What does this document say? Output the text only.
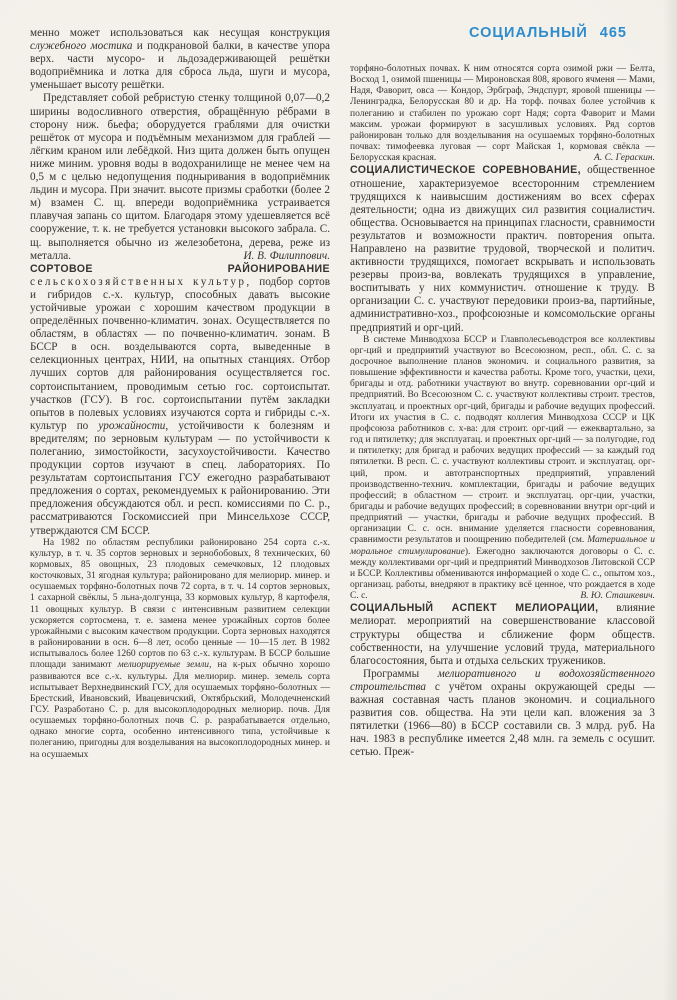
СОЦИАЛЬНЫЙ 465

менно может использоваться как несущая конструкция служебного мостика и подкрановой балки, в качестве упора верх. части мусоро- и льдозадерживающей решётки водоприёмника и лотка для сброса льда, шуги и мусора, уменьшает высоту решётки.

Представляет собой ребристую стенку толщиной 0,07—0,2 ширины водосливного отверстия, обращённую рёбрами в сторону ниж. бьефа; оборудуется граблями для очистки решёток от мусора и подъёмным механизмом для граблей — лёгким краном или лебёдкой. Низ щита должен быть опущен ниже миним. уровня воды в водохранилище не менее чем на 0,5 м с целью недопущения подныривания в водоприёмник льдин и мусора. При значит. высоте призмы сработки (более 2 м) взамен С. щ. впереди водоприёмника устраивается плавучая запань со щитом. Благодаря этому удешевляется всё сооружение, т. к. не требуется установки высокого забрала. С. щ. выполняется обычно из железобетона, дерева, реже из металла.	И. В. Филиппович.

СОРТОВОЕ РАЙОНИРОВАНИЕ сельскохозяйственных культур, подбор сортов и гибридов с.-х. культур, способных давать высокие устойчивые урожаи с хорошим качеством продукции в определённых почвенно-климатич. зонах. Осуществляется по областям, в областях — по почвенно-климатич. зонам. В БССР в осн. возделываются сорта, выведенные в селекционных центрах, НИИ, на опытных станциях. Отбор лучших сортов для районирования осуществляется гос. сортоиспытанием, проводимым сетью гос. сортоиспытат. участков (ГСУ). В гос. сортоиспытании путём закладки опытов в полевых условиях изучаются сорта и гибриды с.-х. культур по урожайности, устойчивости к болезням и вредителям; по зерновым культурам — по устойчивости к полеганию, зимостойкости, засухоустойчивости. Качество продукции сортов изучают в спец. лабораториях. По результатам сортоиспытания ГСУ ежегодно разрабатывают предложения о сортах, рекомендуемых к районированию. Эти предложения обсуждаются обл. и респ. комиссиями по С. р., рассматриваются Госкомиссией при Минсельхозе СССР, утверждаются СМ БССР.

На 1982 по областям республики районировано 254 сорта с.-х. культур, в т. ч. 35 сортов зерновых и зернобобовых, 8 технических, 60 кормовых, 85 овощных, 23 плодовых семечковых, 12 плодовых косточковых, 31 ягодная культура; районировано для мелиорир. минер. и осушаемых торфяно-болотных почв 72 сорта, в т. ч. 14 сортов зерновых, 1 сахарной свёклы, 5 льна-долгунца, 33 кормовых культур, 8 картофеля, 11 овощных культур. В связи с интенсивным развитием селекции ускоряется сортосмена, т. е. замена менее урожайных сортов более урожайными с высоким качеством продукции. Сорта зерновых находятся в районировании в осн. 6—8 лет, особо ценные — 10—15 лет. В 1982 испытывалось более 1260 сортов по 63 с.-х. культурам. В БССР большие площади занимают мелиорируемые земли, на к-рых обычно хорошо развиваются все с.-х. культуры. Для мелиорир. минер. земель сорта испытывает Верхнедвинский ГСУ, для осушаемых торфяно-болотных — Брестский, Ивановский, Ивацевичский, Октябрьский, Молодечненский ГСУ. Разработано С. р. для высокоплодородных мелиорир. почв. Для осушаемых торфяно-болотных почв С. р. разрабатывается отдельно, однако многие сорта, особенно интенсивного типа, устойчивые к полеганию, пригодны для возделывания на высокоплодородных минер. и на осушаемых

торфяно-болотных почвах. К ним относятся сорта озимой ржи — Белта, Восход 1, озимой пшеницы — Мироновская 808, ярового ячменя — Мами, Надя, Фаворит, овса — Кондор, Эрбграф, Эндспурт, яровой пшеницы — Ленинградка, Белорусская 80 и др. На торф. почвах более устойчив к полеганию и стабилен по урожаю сорт Надя; сорта Фаворит и Мами максим. урожаи формируют в засушливых условиях. Ряд сортов районирован только для возделывания на осушаемых торфяно-болотных почвах: тимофеевка луговая — сорт Майская 1, кормовая свёкла — Белорусская красная.	А. С. Гераскин.

СОЦИАЛИСТИЧЕСКОЕ СОРЕВНОВАНИЕ, общественное отношение, характеризуемое всесторонним стремлением трудящихся к наивысшим достижениям во всех сферах деятельности; одна из движущих сил развития социалистич. общества. Основывается на принципах гласности, сравнимости результатов и возможности практич. повторения опыта. Направлено на развитие трудовой, творческой и политич. активности трудящихся, помогает вскрывать и использовать резервы произ-ва, вовлекать трудящихся в управление, воспитывать у них коммунистич. отношение к труду. В организации С. с. участвуют передовики произ-ва, партийные, административно-хоз., профсоюзные и комсомольские органы предприятий и орг-ций.

В системе Минводхоза БССР и Главполесьеводстроя все коллективы орг-ций и предприятий участвуют во Всесоюзном, респ., обл. С. с. за досрочное выполнение планов экономич. и социального развития, за повышение эффективности и качества работы. Кроме того, участки, цехи, бригады и отд. работники участвуют во внутр. соревновании орг-ций и предприятий. Во Всесоюзном С. с. участвуют коллективы строит. трестов, эксплуатац. и проектных орг-ций, бригады и рабочие ведущих профессий. Итоги их участия в С. с. подводят коллегия Минводхоза СССР и ЦК профсоюза работников с. х-ва: для строит. орг-ций — ежеквартально, за год и пятилетку; для эксплуатац. и проектных орг-ций — за полугодие, год и пятилетку; для бригад и рабочих ведущих профессий — за каждый год пятилетки. В респ. С. с. участвуют коллективы строит. и эксплуатац. орг-ций, пром. и автотранспортных предприятий, управлений производственно-технич. комплектации, бригады и рабочие ведущих профессий; в областном — строит. и эксплуатац. орг-ции, участки, бригады и рабочие ведущих профессий; в соревновании внутри орг-ций и предприятий — участки, бригады и рабочие ведущих профессий. В организации С. с. осн. внимание уделяется гласности соревнования, сравнимости результатов и поощрению победителей (см. Материальное и моральное стимулирование). Ежегодно заключаются договоры о С. с. между коллективами орг-ций и предприятий Минводхозов Литовской ССР и БССР. Коллективы обмениваются информацией о ходе С. с., опытом хоз., организац. работы, внедряют в практику всё ценное, что рождается в ходе С. с.	В. Ю. Сташкевич.

СОЦИАЛЬНЫЙ АСПЕКТ МЕЛИОРАЦИИ, влияние мелиорат. мероприятий на совершенствование классовой структуры общества и сближение форм обществ. собственности, на улучшение условий труда, материального благосостояния, быта и отдыха сельских тружеников.

Программы мелиоративного и водохозяйственного строительства с учётом охраны окружающей среды — важная составная часть планов экономич. и социального развития сов. общества. На эти цели кап. вложения за 3 пятилетки (1966—80) в БССР составили св. 3 млрд. руб. На нач. 1983 в республике имеется 2,48 млн. га земель с осушит. сетью. Преж-
